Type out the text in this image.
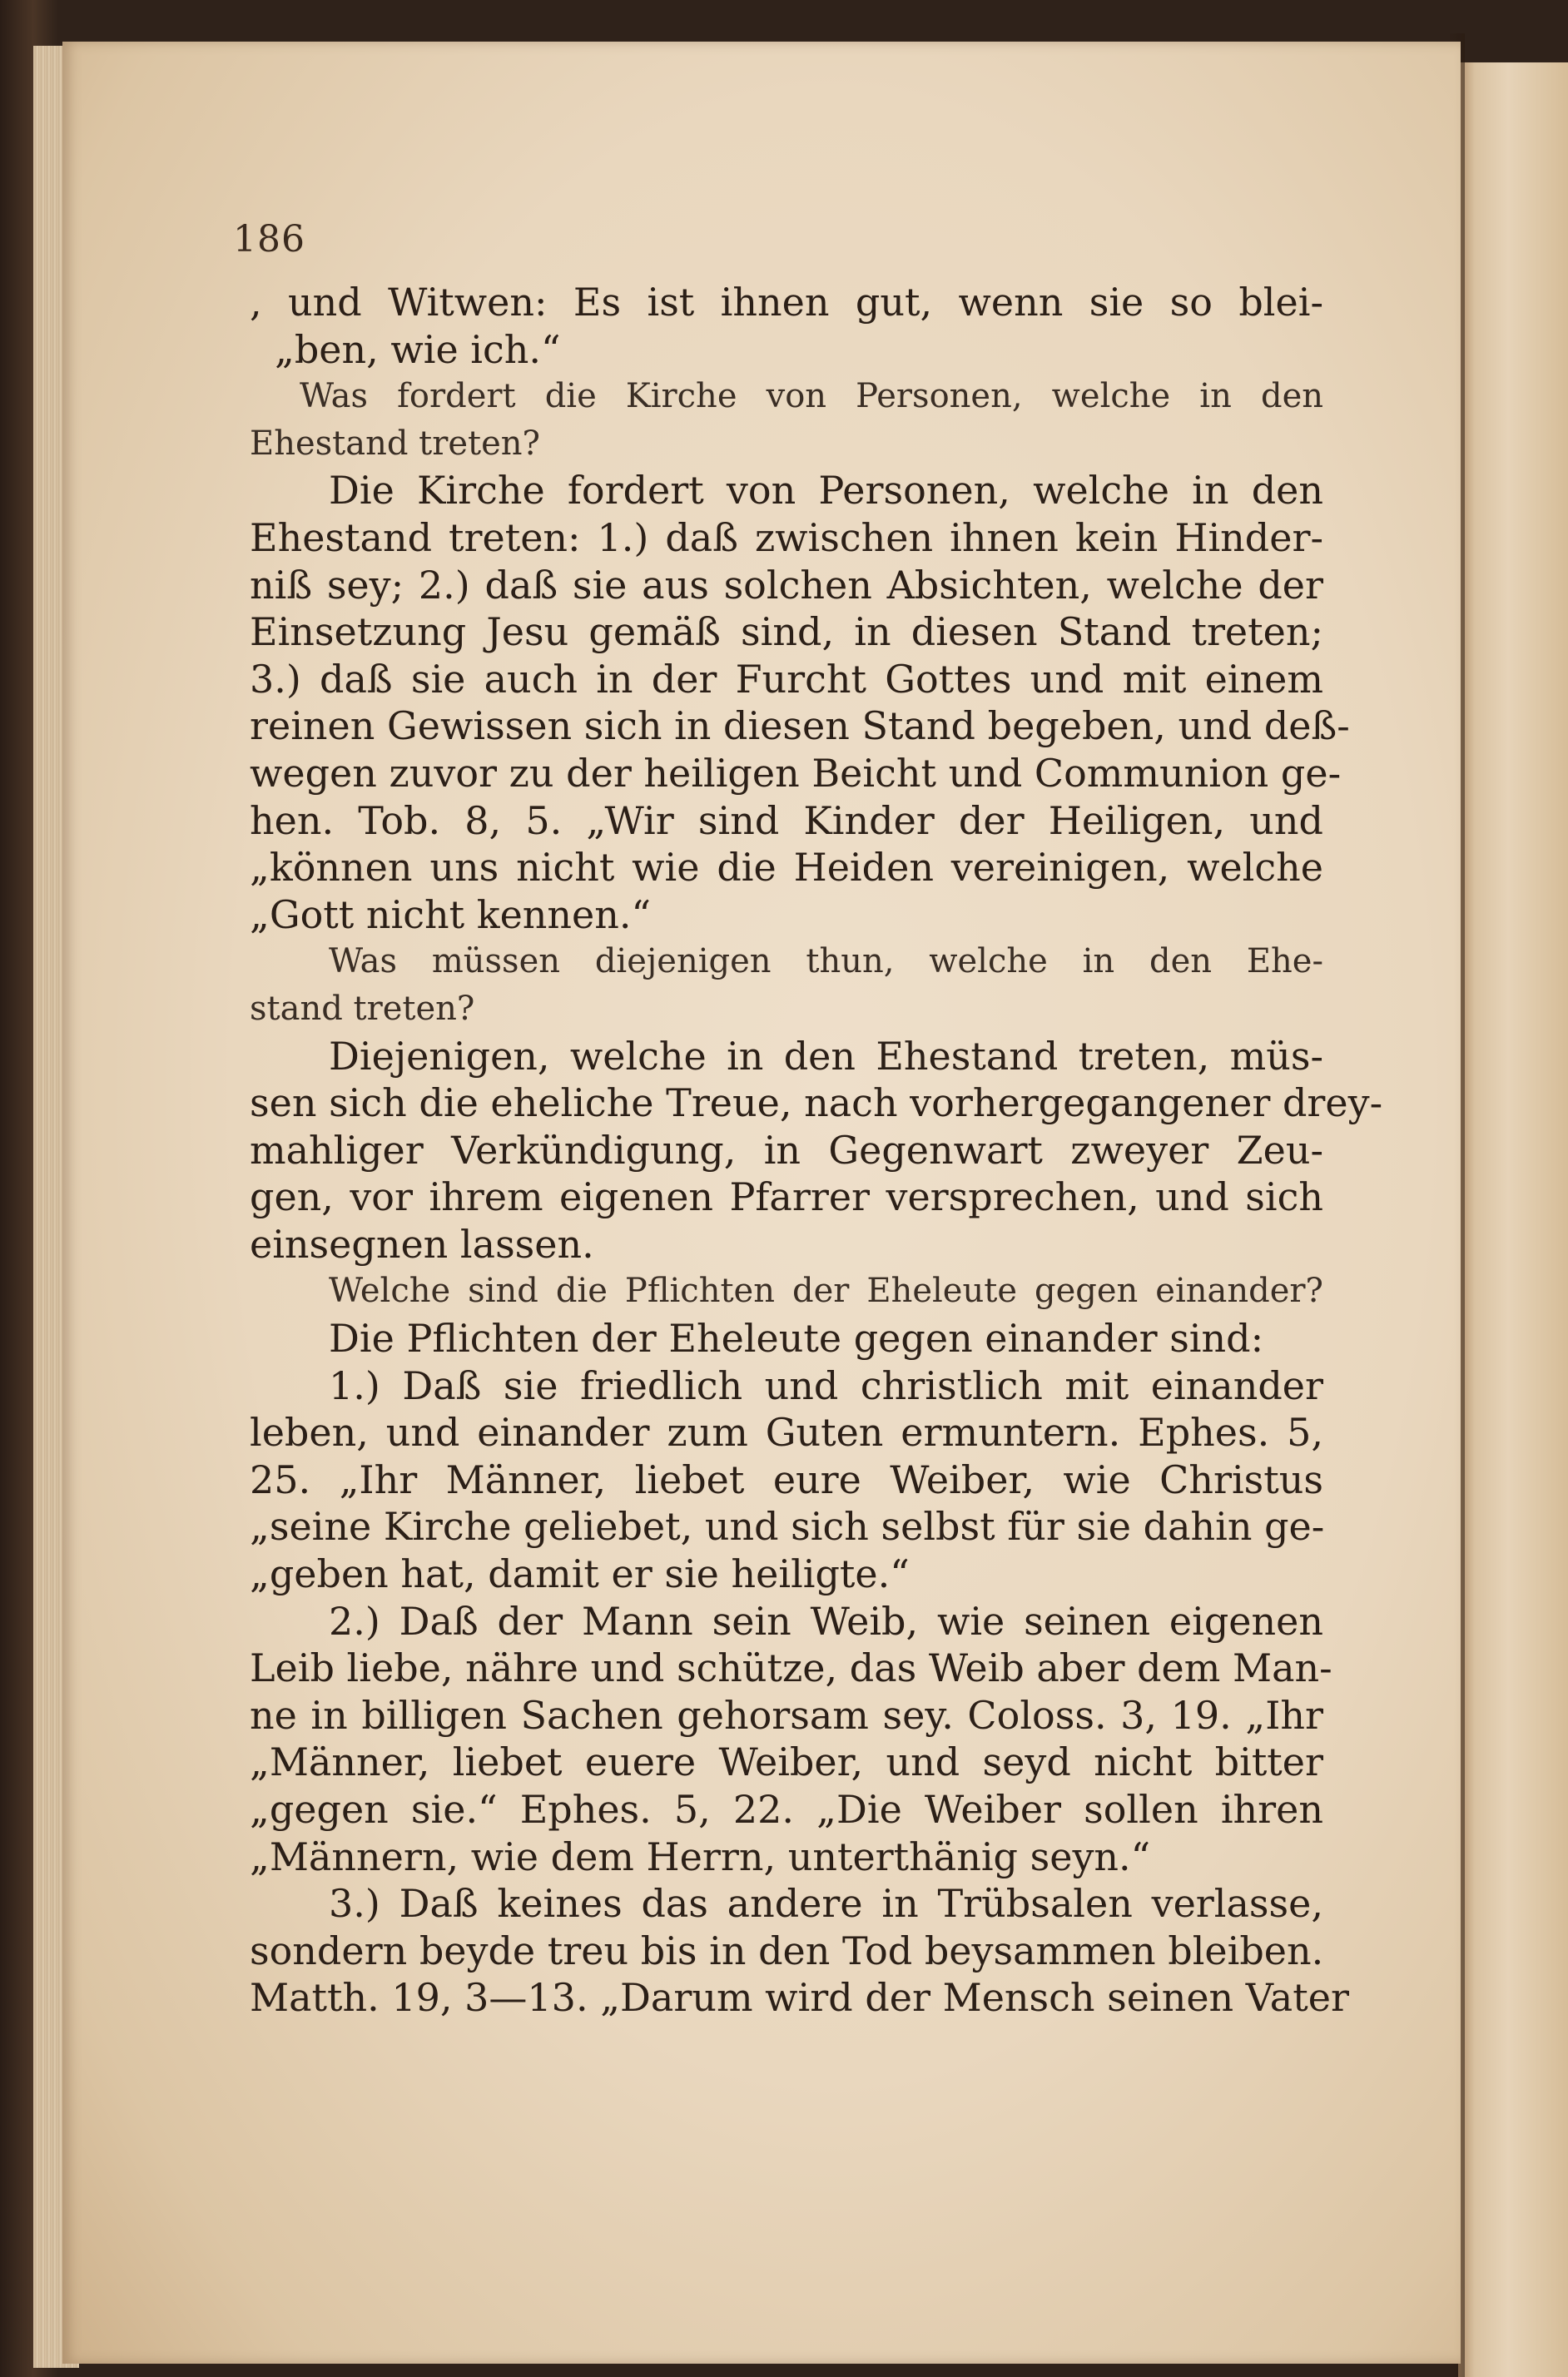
186
, und Witwen: Es ist ihnen gut, wenn sie so blei-
„ben, wie ich.“
Was fordert die Kirche von Personen, welche in den
Ehestand treten?
Die Kirche fordert von Personen, welche in den
Ehestand treten: 1.) daß zwischen ihnen kein Hinder-
niß sey; 2.) daß sie aus solchen Absichten, welche der
Einsetzung Jesu gemäß sind, in diesen Stand treten;
3.) daß sie auch in der Furcht Gottes und mit einem
reinen Gewissen sich in diesen Stand begeben, und deß-
wegen zuvor zu der heiligen Beicht und Communion ge-
hen. Tob. 8, 5. „Wir sind Kinder der Heiligen, und
„können uns nicht wie die Heiden vereinigen, welche
„Gott nicht kennen.“
Was müssen diejenigen thun, welche in den Ehe-
stand treten?
Diejenigen, welche in den Ehestand treten, müs-
sen sich die eheliche Treue, nach vorhergegangener drey-
mahliger Verkündigung, in Gegenwart zweyer Zeu-
gen, vor ihrem eigenen Pfarrer versprechen, und sich
einsegnen lassen.
Welche sind die Pflichten der Eheleute gegen einander?
Die Pflichten der Eheleute gegen einander sind:
1.) Daß sie friedlich und christlich mit einander
leben, und einander zum Guten ermuntern. Ephes. 5,
25. „Ihr Männer, liebet eure Weiber, wie Christus
„seine Kirche geliebet, und sich selbst für sie dahin ge-
„geben hat, damit er sie heiligte.“
2.) Daß der Mann sein Weib, wie seinen eigenen
Leib liebe, nähre und schütze, das Weib aber dem Man-
ne in billigen Sachen gehorsam sey. Coloss. 3, 19. „Ihr
„Männer, liebet euere Weiber, und seyd nicht bitter
„gegen sie.“ Ephes. 5, 22. „Die Weiber sollen ihren
„Männern, wie dem Herrn, unterthänig seyn.“
3.) Daß keines das andere in Trübsalen verlasse,
sondern beyde treu bis in den Tod beysammen bleiben.
Matth. 19, 3—13. „Darum wird der Mensch seinen Vater
